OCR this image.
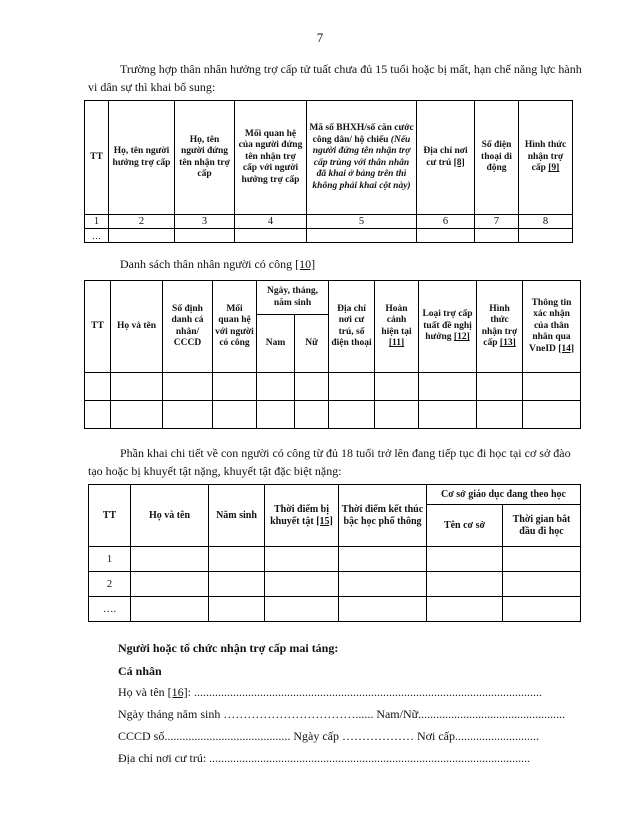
7
Trường hợp thân nhân hưởng trợ cấp tử tuất chưa đủ 15 tuổi hoặc bị mất, hạn chế năng lực hành vi dân sự thì khai bổ sung:
TT	Họ, tên người hưởng trợ cấp	Họ, tên người đứng tên nhận trợ cấp	Mối quan hệ của người đứng tên nhận trợ cấp với người hưởng trợ cấp	Mã số BHXH/số căn cước công dân/ hộ chiếu (Nếu người đứng tên nhận trợ cấp trùng với thân nhân đã khai ở bảng trên thì không phải khai cột này)	Địa chỉ nơi cư trú [8]	Số điện thoại di động	Hình thức nhận trợ cấp [9]
1	2	3	4	5	6	7	8
…							
Danh sách thân nhân người có công [10]
TT	Họ và tên	Số định danh cá nhân/ CCCD	Mối quan hệ với người có công	Ngày, tháng, năm sinh		Địa chỉ nơi cư trú, số điện thoại	Hoàn cảnh hiện tại [11]	Loại trợ cấp tuất đề nghị hưởng [12]	Hình thức nhận trợ cấp [13]	Thông tin xác nhận của thân nhân qua VneID [14]
				Nam	Nữ					

Phần khai chi tiết về con người có công từ đủ 18 tuổi trở lên đang tiếp tục đi học tại cơ sở đào tạo hoặc bị khuyết tật nặng, khuyết tật đặc biệt nặng:
TT	Họ và tên	Năm sinh	Thời điểm bị khuyết tật [15]	Thời điểm kết thúc bậc học phổ thông	Cơ sở giáo dục đang theo học	
					Tên cơ sở	Thời gian bắt đầu đi học
1						
2						
….						
Người hoặc tổ chức nhận trợ cấp mai táng:
Cá nhân
Họ và tên [16]: ....................................................................................................................
Ngày tháng năm sinh ……………………………...... Nam/Nữ.................................................
CCCD số.......................................... Ngày cấp ……………… Nơi cấp............................
Địa chỉ nơi cư trú: ...........................................................................................................
